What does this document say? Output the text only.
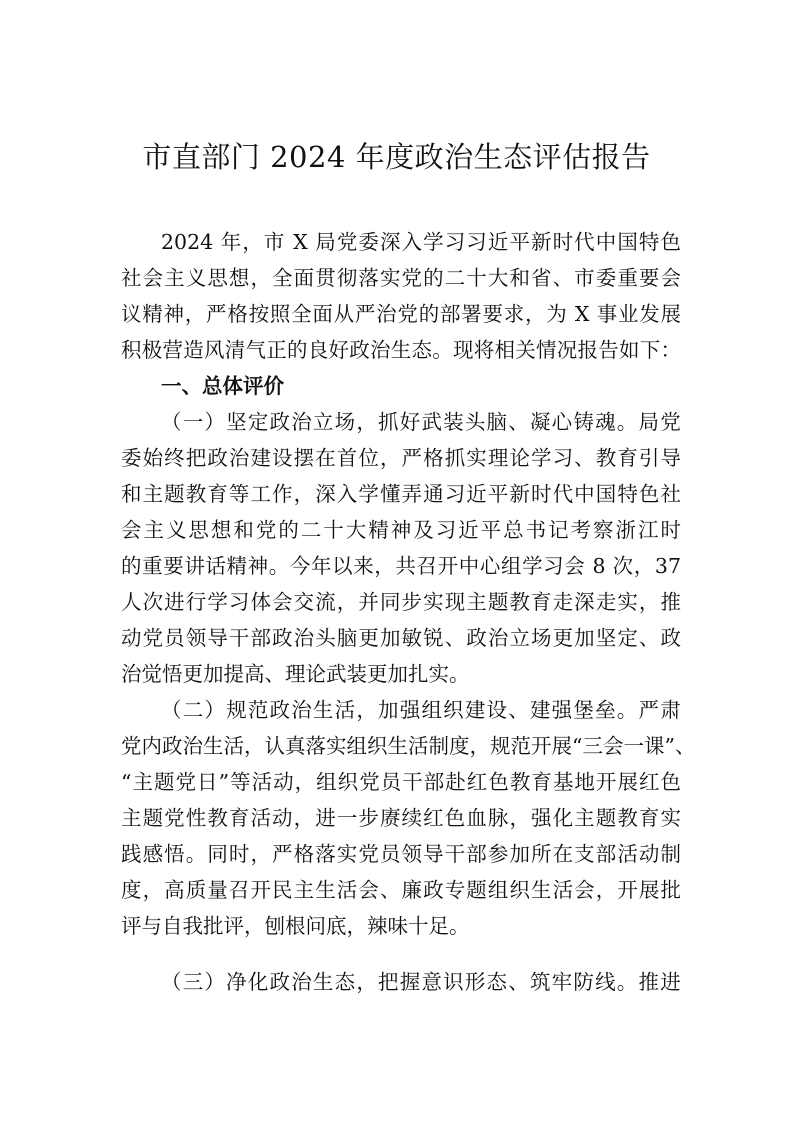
市直部门 2024 年度政治生态评估报告
2024 年，市 X 局党委深入学习习近平新时代中国特色
社会主义思想，全面贯彻落实党的二十大和省、市委重要会
议精神，严格按照全面从严治党的部署要求，为 X 事业发展
积极营造风清气正的良好政治生态。现将相关情况报告如下：
一、总体评价
（一）坚定政治立场，抓好武装头脑、凝心铸魂。局党
委始终把政治建设摆在首位，严格抓实理论学习、教育引导
和主题教育等工作，深入学懂弄通习近平新时代中国特色社
会主义思想和党的二十大精神及习近平总书记考察浙江时
的重要讲话精神。今年以来，共召开中心组学习会 8 次，37
人次进行学习体会交流，并同步实现主题教育走深走实，推
动党员领导干部政治头脑更加敏锐、政治立场更加坚定、政
治觉悟更加提高、理论武装更加扎实。
（二）规范政治生活，加强组织建设、建强堡垒。严肃
党内政治生活，认真落实组织生活制度，规范开展“三会一课”、
“主题党日”等活动，组织党员干部赴红色教育基地开展红色
主题党性教育活动，进一步赓续红色血脉，强化主题教育实
践感悟。同时，严格落实党员领导干部参加所在支部活动制
度，高质量召开民主生活会、廉政专题组织生活会，开展批
评与自我批评，刨根问底，辣味十足。
（三）净化政治生态，把握意识形态、筑牢防线。推进
